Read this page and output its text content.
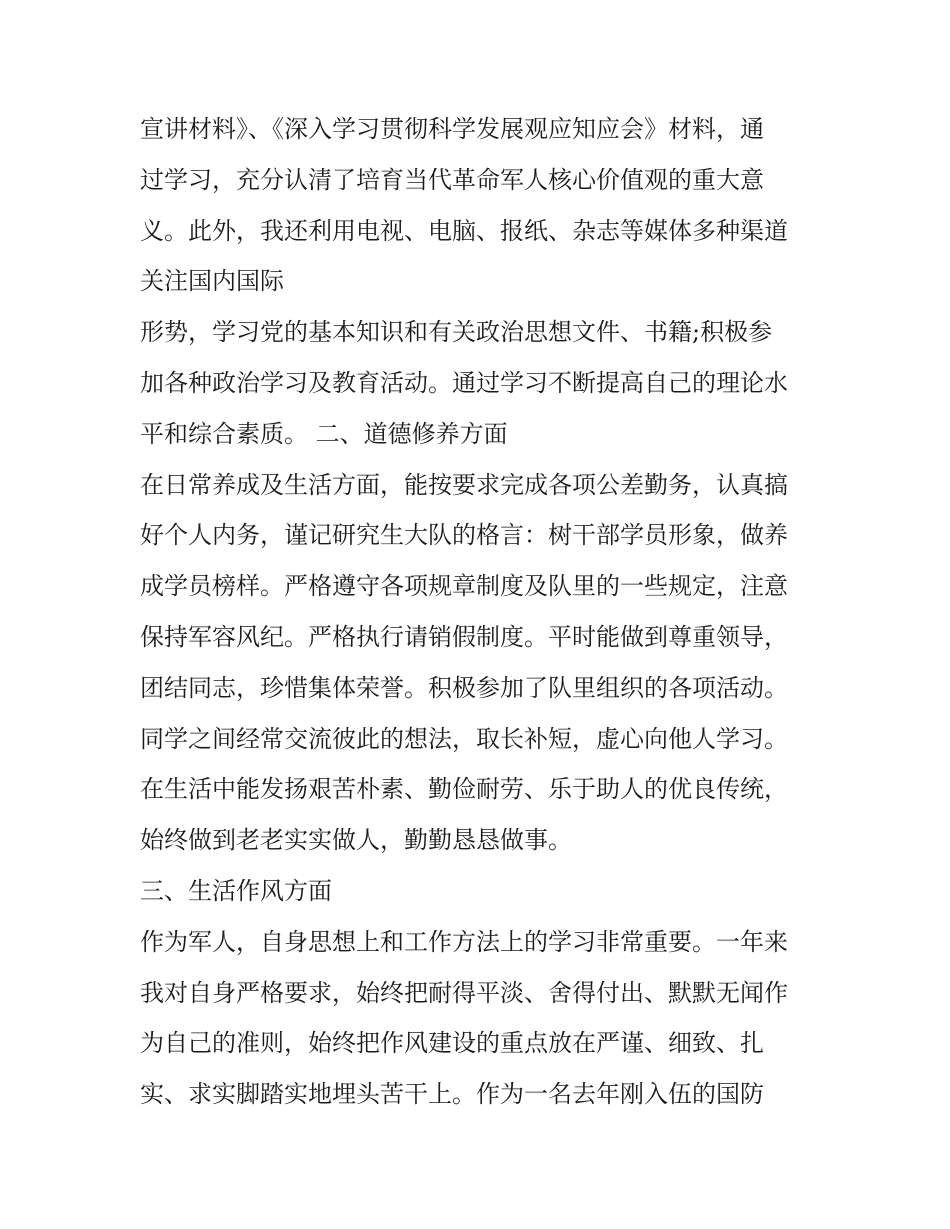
宣讲材料》、《深入学习贯彻科学发展观应知应会》材料，通
过学习，充分认清了培育当代革命军人核心价值观的重大意
义。此外，我还利用电视、电脑、报纸、杂志等媒体多种渠道
关注国内国际
形势，学习党的基本知识和有关政治思想文件、书籍;积极参
加各种政治学习及教育活动。通过学习不断提高自己的理论水
平和综合素质。 二、道德修养方面
在日常养成及生活方面，能按要求完成各项公差勤务，认真搞
好个人内务，谨记研究生大队的格言：树干部学员形象，做养
成学员榜样。严格遵守各项规章制度及队里的一些规定，注意
保持军容风纪。严格执行请销假制度。平时能做到尊重领导，
团结同志，珍惜集体荣誉。积极参加了队里组织的各项活动。
同学之间经常交流彼此的想法，取长补短，虚心向他人学习。
在生活中能发扬艰苦朴素、勤俭耐劳、乐于助人的优良传统，
始终做到老老实实做人，勤勤恳恳做事。
三、生活作风方面
作为军人，自身思想上和工作方法上的学习非常重要。一年来
我对自身严格要求，始终把耐得平淡、舍得付出、默默无闻作
为自己的准则，始终把作风建设的重点放在严谨、细致、扎
实、求实脚踏实地埋头苦干上。作为一名去年刚入伍的国防
